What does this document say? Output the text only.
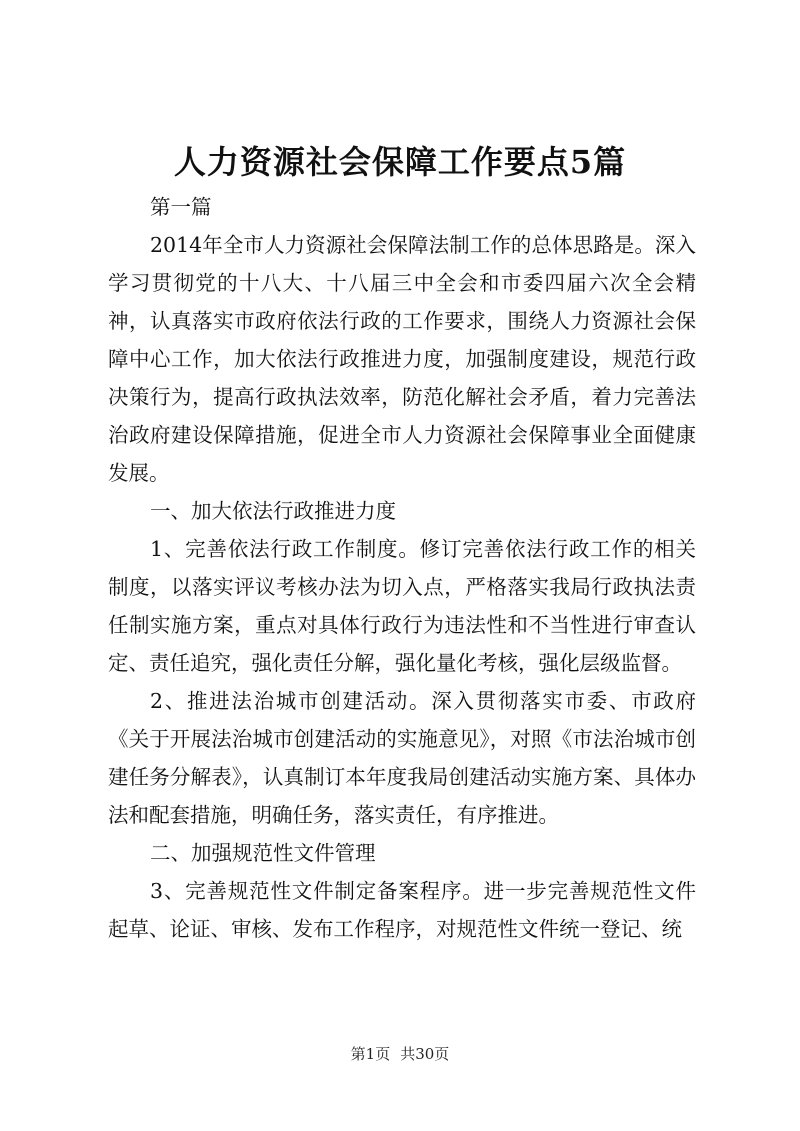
人力资源社会保障工作要点5篇

第一篇

2014年全市人力资源社会保障法制工作的总体思路是。深入学习贯彻党的十八大、十八届三中全会和市委四届六次全会精神，认真落实市政府依法行政的工作要求，围绕人力资源社会保障中心工作，加大依法行政推进力度，加强制度建设，规范行政决策行为，提高行政执法效率，防范化解社会矛盾，着力完善法治政府建设保障措施，促进全市人力资源社会保障事业全面健康发展。

一、加大依法行政推进力度

1、完善依法行政工作制度。修订完善依法行政工作的相关制度，以落实评议考核办法为切入点，严格落实我局行政执法责任制实施方案，重点对具体行政行为违法性和不当性进行审查认定、责任追究，强化责任分解，强化量化考核，强化层级监督。

2、推进法治城市创建活动。深入贯彻落实市委、市政府《关于开展法治城市创建活动的实施意见》，对照《市法治城市创建任务分解表》，认真制订本年度我局创建活动实施方案、具体办法和配套措施，明确任务，落实责任，有序推进。

二、加强规范性文件管理

3、完善规范性文件制定备案程序。进一步完善规范性文件起草、论证、审核、发布工作程序，对规范性文件统一登记、统

第1页 共30页
